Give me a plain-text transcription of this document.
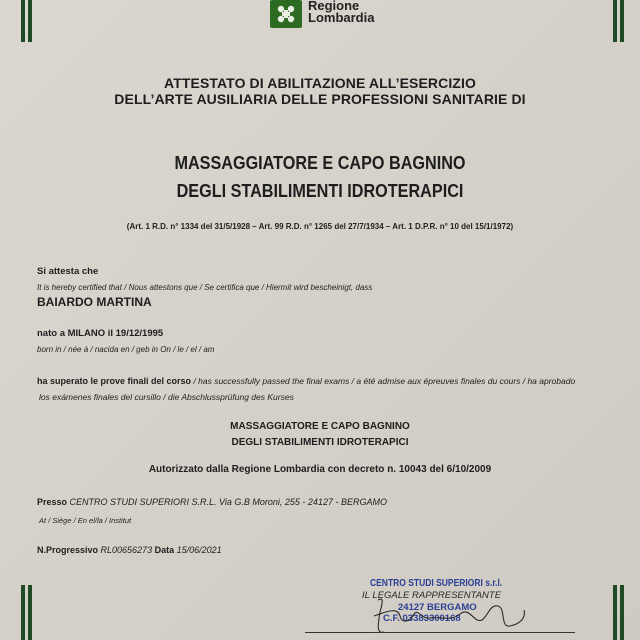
Regione
Lombardia
ATTESTATO DI ABILITAZIONE ALL’ESERCIZIO
DELL’ARTE AUSILIARIA DELLE PROFESSIONI SANITARIE DI
MASSAGGIATORE E CAPO BAGNINO
DEGLI STABILIMENTI IDROTERAPICI
(Art. 1 R.D. n° 1334 del 31/5/1928 – Art. 99 R.D. n° 1265 del 27/7/1934 – Art. 1 D.P.R. n° 10 del 15/1/1972)
Si attesta che
It is hereby certified that / Nous attestons que / Se certifica que / Hiermit wird bescheinigt, dass
BAIARDO MARTINA
nato a MILANO il 19/12/1995
born in / née à / nacida en / geb in On / le / el / am
ha superato le prove finali del corso / has successfully passed the final exams / a été admise aux épreuves finales du cours / ha aprobado
los exámenes finales del cursillo / die Abschlussprüfung des Kurses
MASSAGGIATORE E CAPO BAGNINO
DEGLI STABILIMENTI IDROTERAPICI
Autorizzato dalla Regione Lombardia con decreto n. 10043 del 6/10/2009
Presso CENTRO STUDI SUPERIORI S.R.L. Via G.B Moroni, 255 - 24127 - BERGAMO
At / Siège / En el/la / Institut
N.Progressivo RL00656273 Data 15/06/2021
CENTRO STUDI SUPERIORI s.r.l.
IL LEGALE RAPPRESENTANTE
24127 BERGAMO
C.F. 03383300168
